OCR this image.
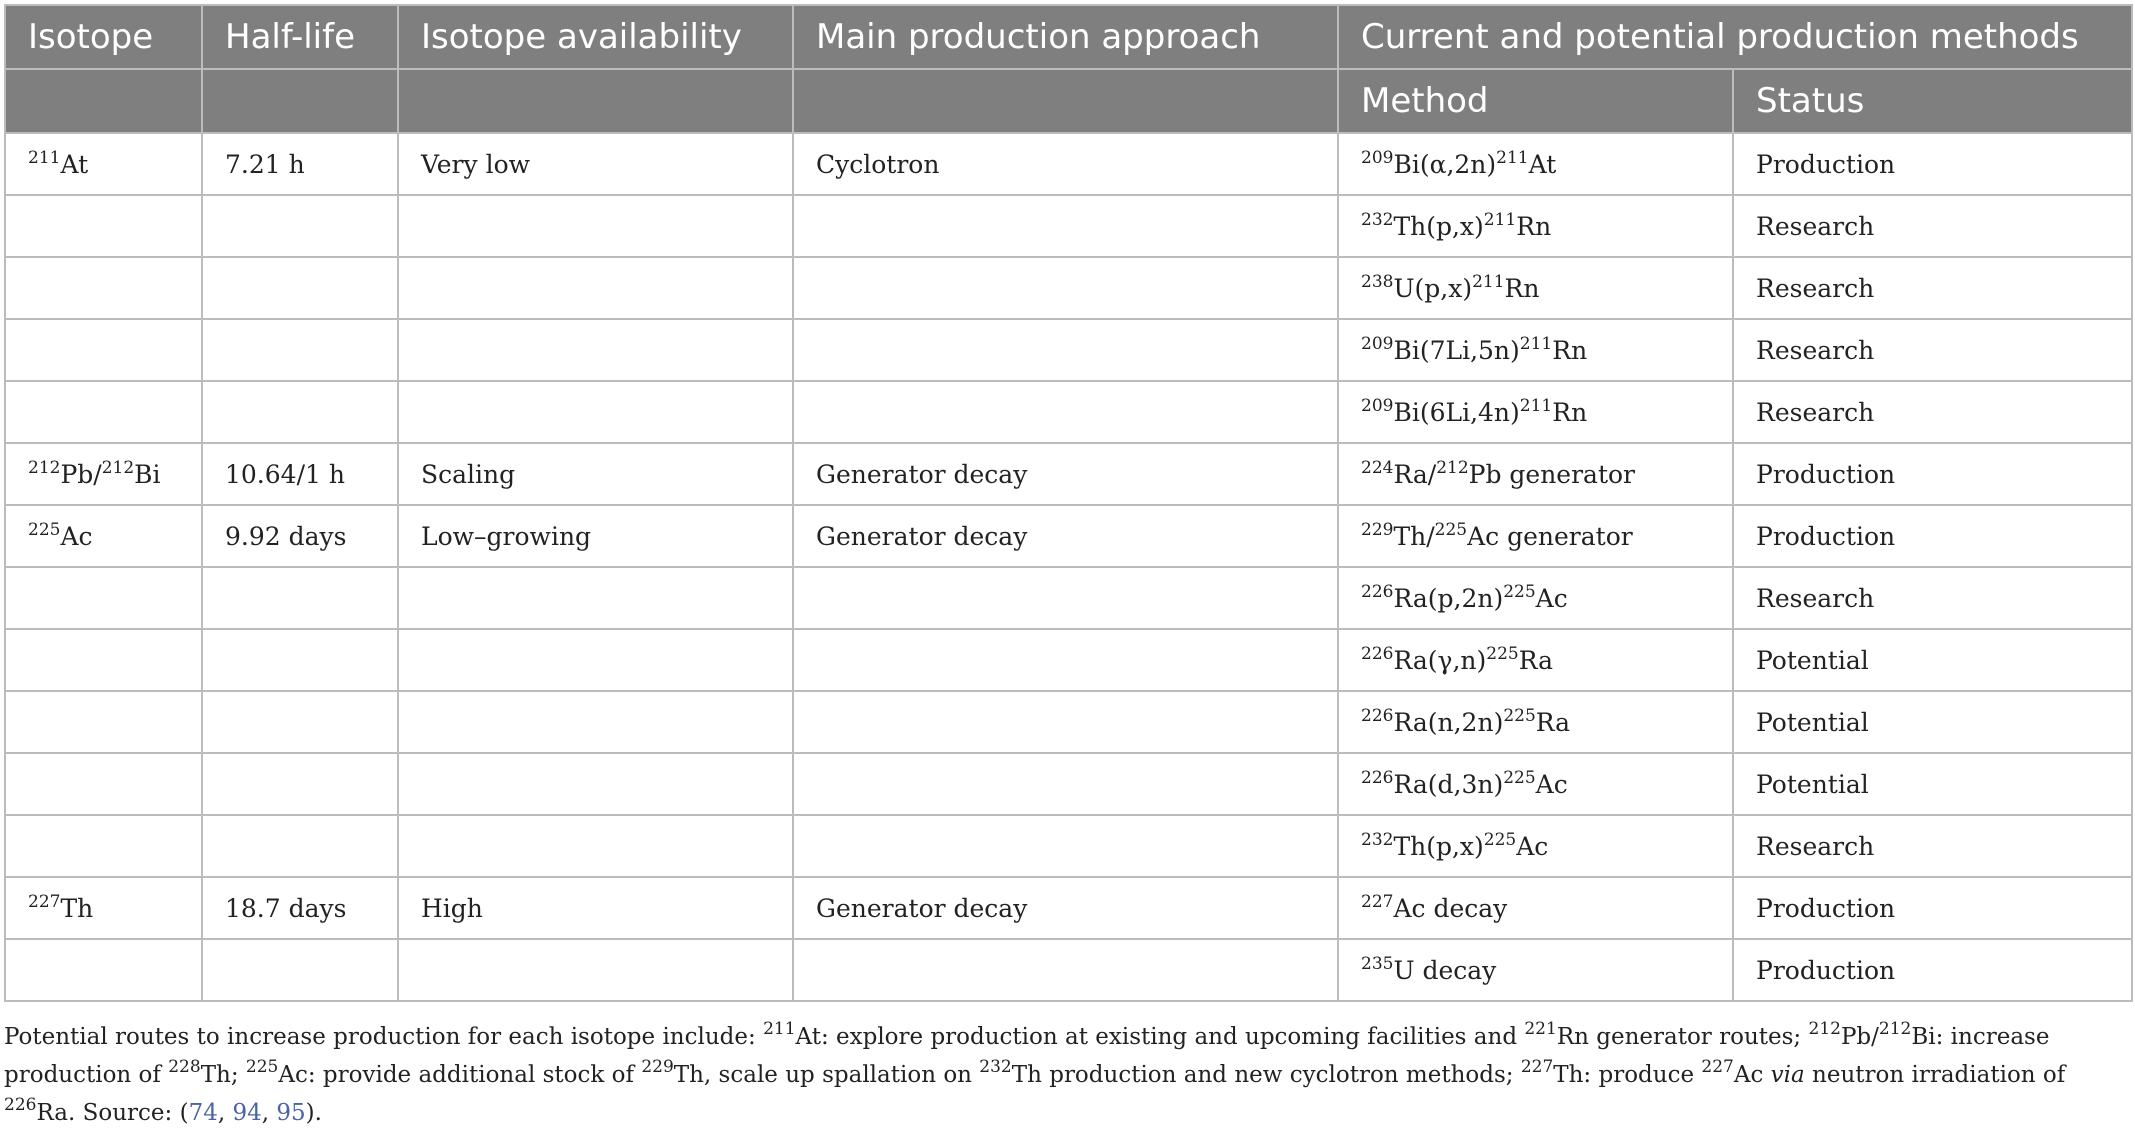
Isotope	Half-life	Isotope availability	Main production approach	Current and potential production methods	
				Method	Status
$^{211}$At	7.21 h	Very low	Cyclotron	$^{209}Bi(\alpha,2n)^{211}At$	Production
				$^{232}Th(p,x)^{211}Rn$	Research
				$^{238}U(p,x)^{211}Rn$	Research
				$^{209}Bi(7Li,5n)^{211}Rn$	Research
				$^{209}Bi(6Li,4n)^{211}Rn$	Research
$^{212}$Pb/$^{212}$Bi	10.64/1 h	Scaling	Generator decay	$^{224}$Ra/$^{212}$Pb generator	Production
$^{225}$Ac	9.92 days	Low–growing	Generator decay	$^{229}$Th/$^{225}$Ac generator	Production
				$^{226}Ra(p,2n)^{225}Ac$	Research
				$^{226}Ra(\gamma,n)^{225}Ra$	Potential
				$^{226}Ra(n,2n)^{225}Ra$	Potential
				$^{226}Ra(d,3n)^{225}Ac$	Potential
				$^{232}Th(p,x)^{225}Ac$	Research
$^{227}$Th	18.7 days	High	Generator decay	$^{227}$Ac decay	Production
				$^{235}$U decay	Production
Potential routes to increase production for each isotope include: $^{211}$At: explore production at existing and upcoming facilities and $^{221}$Rn generator routes; $^{212}$Pb/$^{212}$Bi: increase production of $^{228}$Th; $^{225}$Ac: provide additional stock of $^{229}$Th, scale up spallation on $^{232}$Th production and new cyclotron methods; $^{227}$Th: produce $^{227}$Ac via neutron irradiation of $^{226}$Ra. Source: (74, 94, 95).
